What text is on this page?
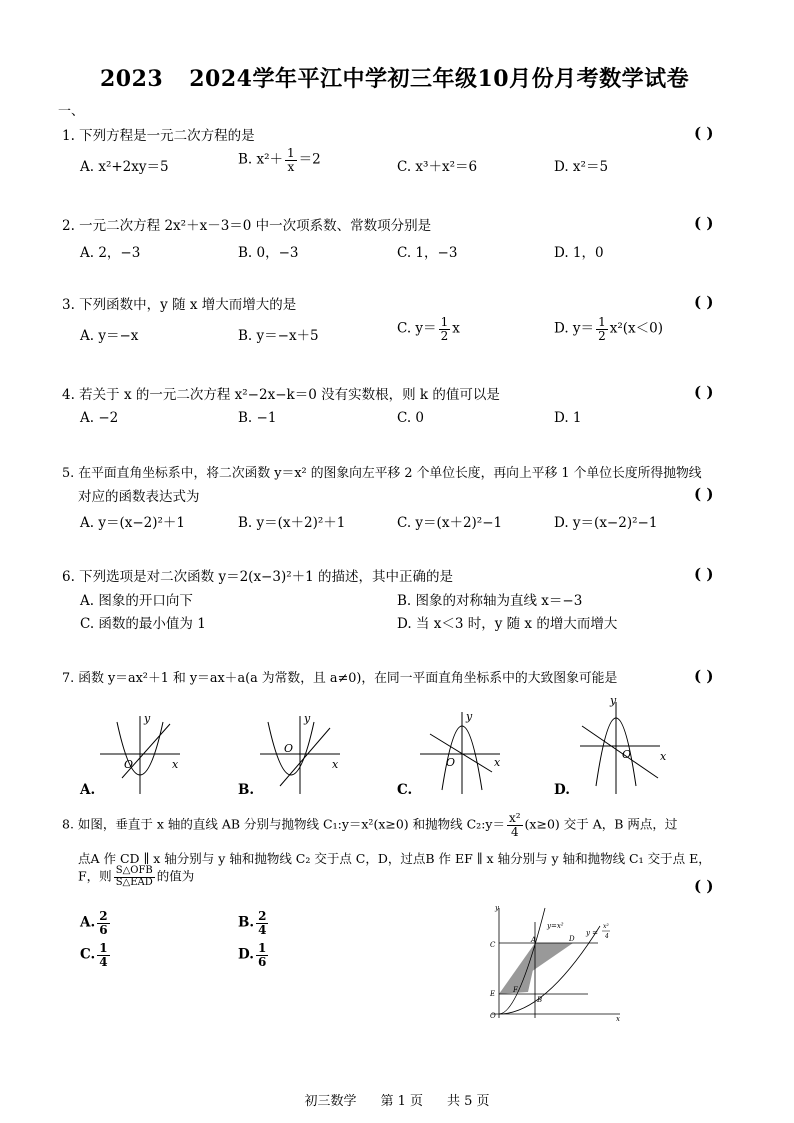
2023 2024学年平江中学初三年级10月份月考数学试卷
一、
1. 下列方程是一元二次方程的是	( )
A. x²+2xy＝5	B. $x^2+ \frac{1}{x} =2$	C. x³＋x²＝6	D. x²＝5
2. 一元二次方程 2x²＋x－3＝0 中一次项系数、常数项分别是	( )
A. 2，−3	B. 0，−3	C. 1，−3	D. 1，0
3. 下列函数中，y 随 x 增大而增大的是	( )
A. y＝−x	B. y＝−x＋5	C. $y= \frac{1}{2}$ x	D. $y= \frac{1}{2} x^2(x<0)$
4. 若关于 x 的一元二次方程 x²−2x−k＝0 没有实数根，则 k 的值可以是	( )
A. −2	B. −1	C. 0	D. 1
5. 在平面直角坐标系中，将二次函数 y＝x² 的图象向左平移 2 个单位长度，再向上平移 1 个单位长度所得抛物线
对应的函数表达式为	( )
A. y＝(x−2)²＋1	B. y＝(x＋2)²＋1	C. y＝(x＋2)²−1	D. y＝(x−2)²−1
6. 下列选项是对二次函数 y＝2(x−3)²＋1 的描述，其中正确的是	( )
A. 图象的开口向下	B. 图象的对称轴为直线 x＝−3
C. 函数的最小值为 1	D. 当 x＜3 时，y 随 x 的增大而增大
7. 函数 y＝ax²＋1 和 y＝ax＋a(a 为常数，且 a≠0)，在同一平面直角坐标系中的大致图象可能是	( )
O	x
y
O
x
y
O	x
y
O	x
y
A.	B.	C.	D.
8. 如图，垂直于 x 轴的直线 AB 分别与抛物线 C₁:y＝x²(x≥0) 和抛物线 C₂:y＝ $\frac{\text{x²}}{4} (x\ge 0)$ 交于 A，B 两点，过
点A 作 CD ∥ x 轴分别与 y 轴和抛物线 C₂ 交于点 C，D，过点B 作 EF ∥ x 轴分别与 y 轴和抛物线 C₁ 交于点 E，
F，则 $\frac{\text{S△OFB}}{\text{S△EAD}}$ 的值为
( )
A. $\frac{2}{6}$	B. $\frac{2}{4}$
C. $\frac{1}{4}$	D. $\frac{1}{6}$
y
x
O
C
A	D
E	F
B
y=x²
y =
x²
4
初三数学 第 1 页 共 5 页
